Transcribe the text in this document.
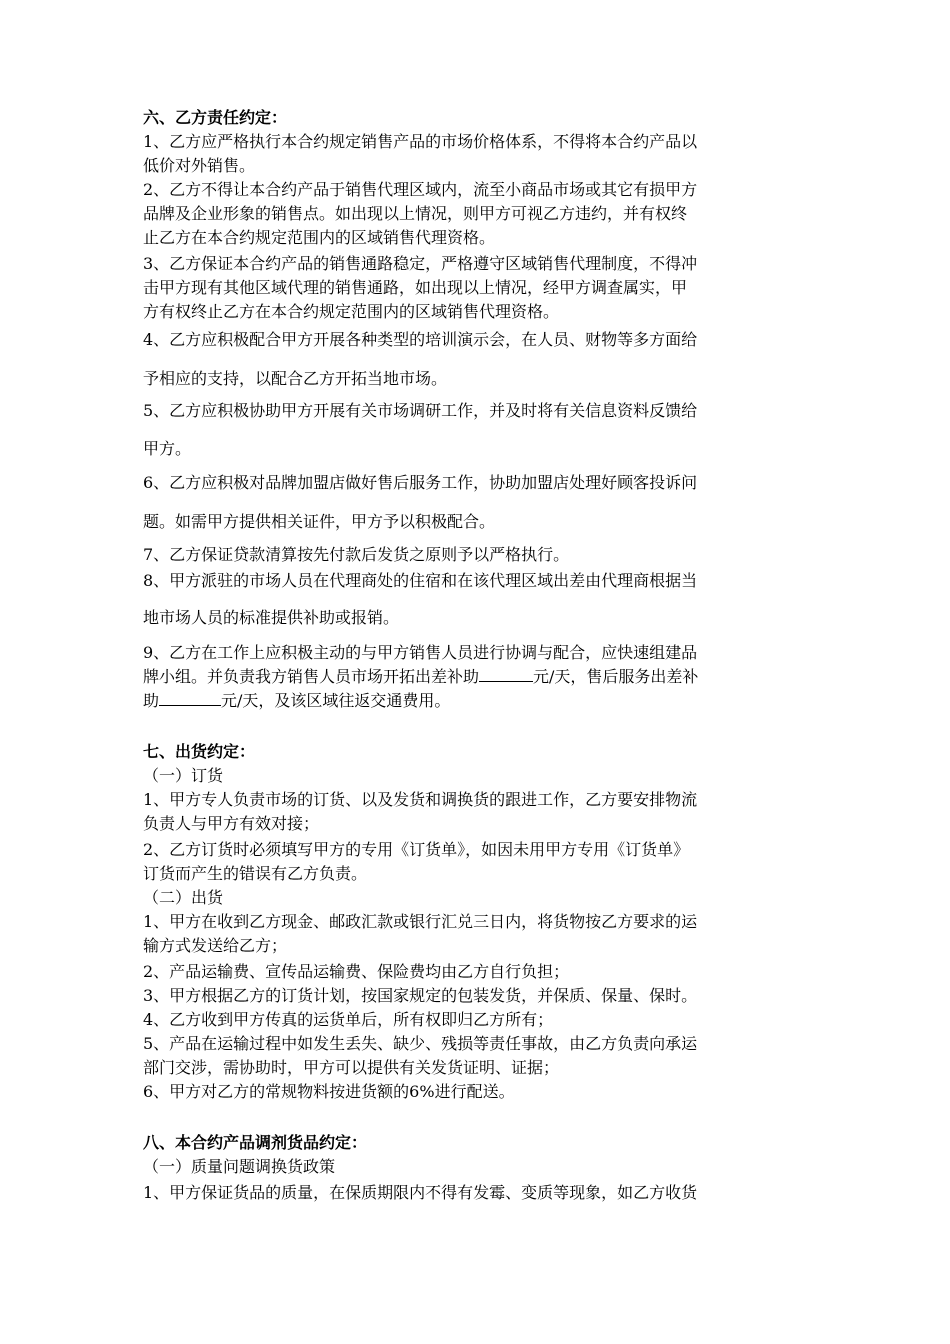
六、乙方责任约定：
1、乙方应严格执行本合约规定销售产品的市场价格体系，不得将本合约产品以
低价对外销售。
2、乙方不得让本合约产品于销售代理区域内，流至小商品市场或其它有损甲方
品牌及企业形象的销售点。如出现以上情况，则甲方可视乙方违约，并有权终
止乙方在本合约规定范围内的区域销售代理资格。
3、乙方保证本合约产品的销售通路稳定，严格遵守区域销售代理制度，不得冲
击甲方现有其他区域代理的销售通路，如出现以上情况，经甲方调查属实，甲
方有权终止乙方在本合约规定范围内的区域销售代理资格。
4、乙方应积极配合甲方开展各种类型的培训演示会，在人员、财物等多方面给
予相应的支持，以配合乙方开拓当地市场。
5、乙方应积极协助甲方开展有关市场调研工作，并及时将有关信息资料反馈给
甲方。
6、乙方应积极对品牌加盟店做好售后服务工作，协助加盟店处理好顾客投诉问
题。如需甲方提供相关证件，甲方予以积极配合。
7、乙方保证贷款清算按先付款后发货之原则予以严格执行。
8、甲方派驻的市场人员在代理商处的住宿和在该代理区域出差由代理商根据当
地市场人员的标准提供补助或报销。
9、乙方在工作上应积极主动的与甲方销售人员进行协调与配合，应快速组建品
牌小组。并负责我方销售人员市场开拓出差补助	元/天，售后服务出差补
助	元/天，及该区域往返交通费用。
七、出货约定：
（一）订货
1、甲方专人负责市场的订货、以及发货和调换货的跟进工作，乙方要安排物流
负责人与甲方有效对接；
2、乙方订货时必须填写甲方的专用《订货单》，如因未用甲方专用《订货单》
订货而产生的错误有乙方负责。
（二）出货
1、甲方在收到乙方现金、邮政汇款或银行汇兑三日内，将货物按乙方要求的运
输方式发送给乙方；
2、产品运输费、宣传品运输费、保险费均由乙方自行负担；
3、甲方根据乙方的订货计划，按国家规定的包装发货，并保质、保量、保时。
4、乙方收到甲方传真的运货单后，所有权即归乙方所有；
5、产品在运输过程中如发生丢失、缺少、残损等责任事故，由乙方负责向承运
部门交涉，需协助时，甲方可以提供有关发货证明、证据；
6、甲方对乙方的常规物料按进货额的6%进行配送。
八、本合约产品调剂货品约定：
（一）质量问题调换货政策
1、甲方保证货品的质量，在保质期限内不得有发霉、变质等现象，如乙方收货
